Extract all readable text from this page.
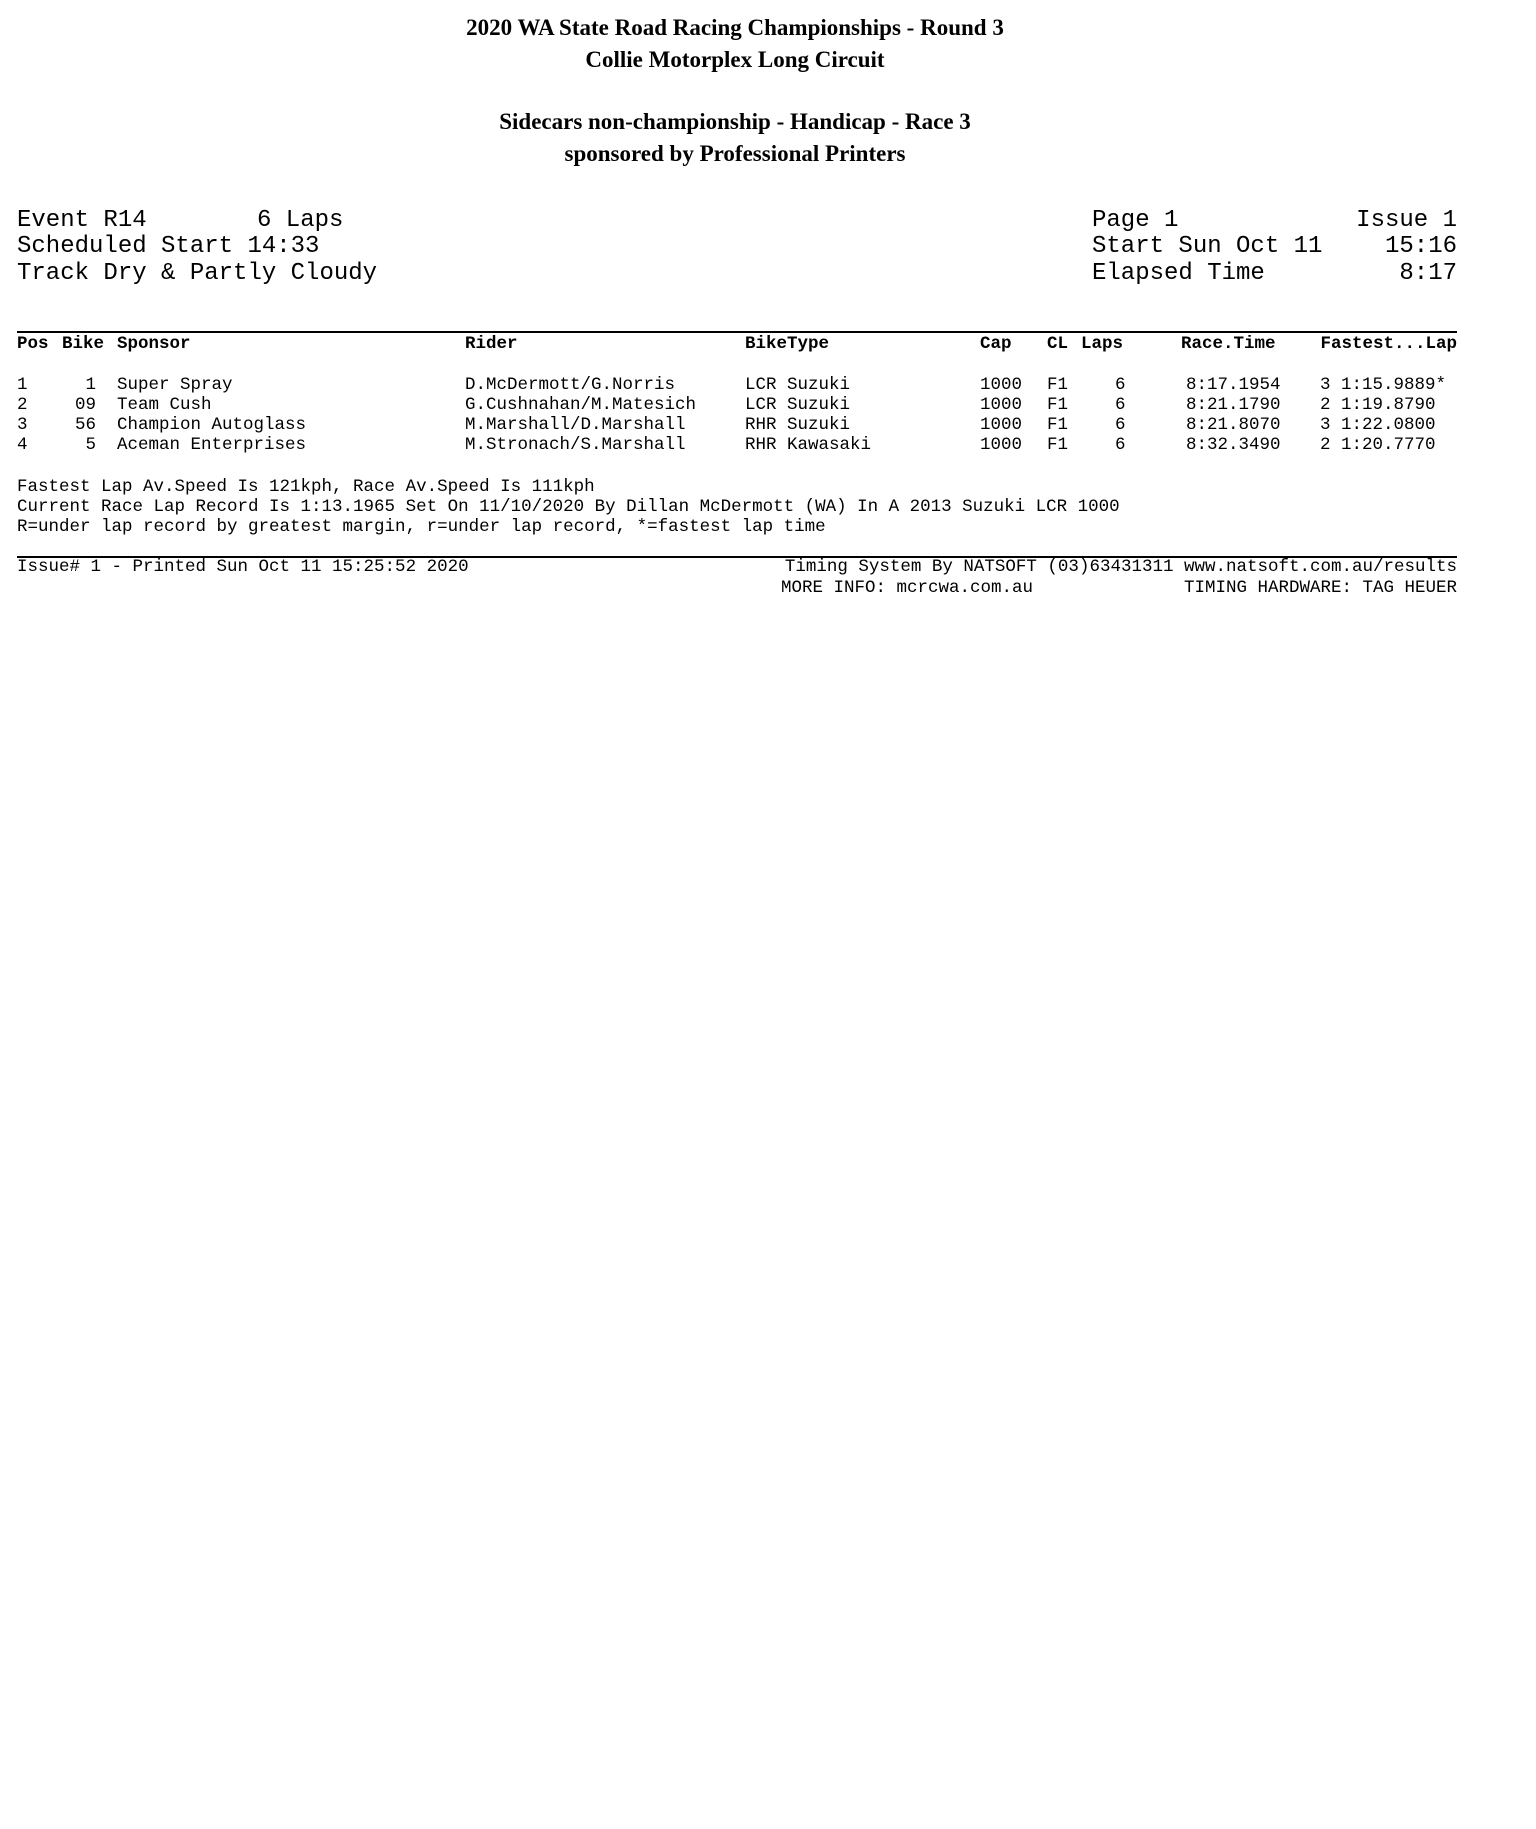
2020 WA State Road Racing Championships - Round 3
Collie Motorplex Long Circuit
Sidecars non-championship - Handicap - Race 3
sponsored by Professional Printers
Event R14	6 Laps
Scheduled Start 14:33
Track Dry & Partly Cloudy
Page 1	Issue 1
Start Sun Oct 11	15:16
Elapsed Time	8:17
Pos Bike Sponsor	Rider	BikeType	Cap CL Laps	Race.Time	Fastest...Lap
1	1 Super Spray	D.McDermott/G.Norris	LCR Suzuki	1000 F1	6	8:17.1954 3 1:15.9889*
2	09 Team Cush	G.Cushnahan/M.Matesich	LCR Suzuki	1000 F1	6	8:21.1790 2 1:19.8790
3	56 Champion Autoglass	M.Marshall/D.Marshall	RHR Suzuki	1000 F1	6	8:21.8070 3 1:22.0800
4	5 Aceman Enterprises	M.Stronach/S.Marshall	RHR Kawasaki	1000 F1	6	8:32.3490 2 1:20.7770
Fastest Lap Av.Speed Is 121kph, Race Av.Speed Is 111kph
Current Race Lap Record Is 1:13.1965 Set On 11/10/2020 By Dillan McDermott (WA) In A 2013 Suzuki LCR 1000
R=under lap record by greatest margin, r=under lap record, *=fastest lap time
Issue# 1 - Printed Sun Oct 11 15:25:52 2020	Timing System By NATSOFT (03)63431311 www.natsoft.com.au/results
MORE INFO: mcrcwa.com.au	TIMING HARDWARE: TAG HEUER
